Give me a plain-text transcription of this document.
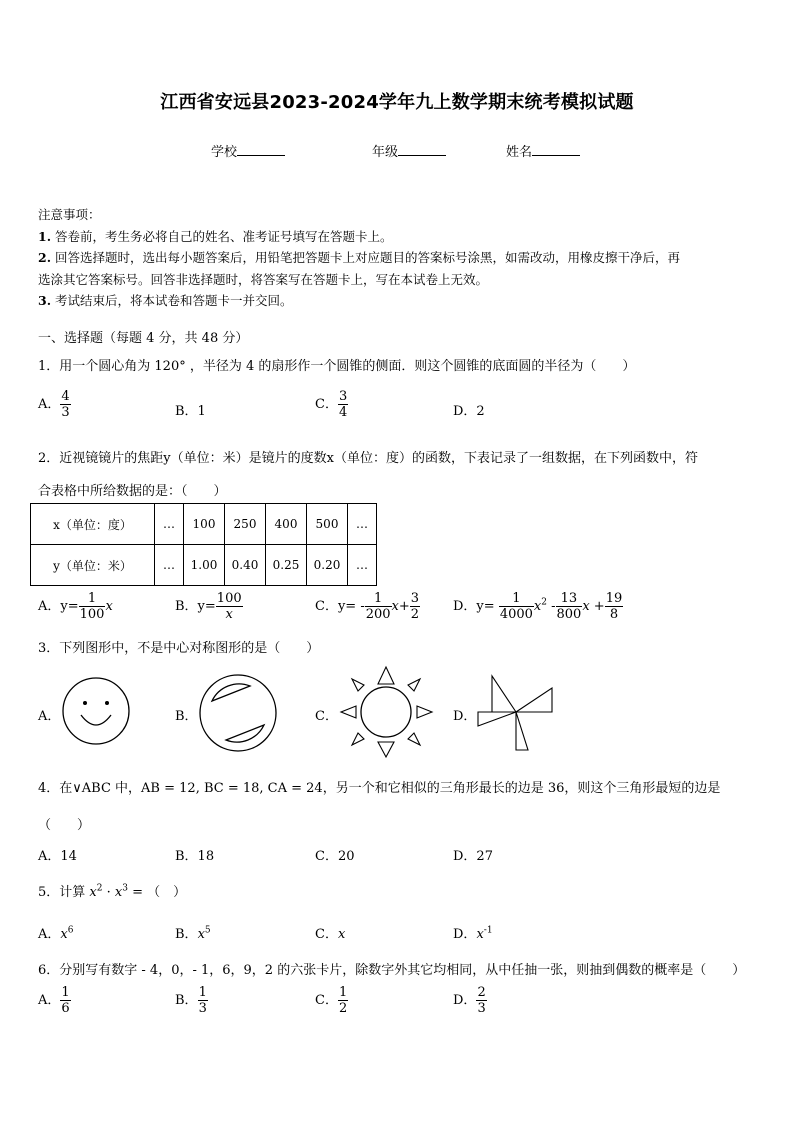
江西省安远县2023-2024学年九上数学期末统考模拟试题
学校	年级	姓名
注意事项：
1. 答卷前，考生务必将自己的姓名、准考证号填写在答题卡上。
2. 回答选择题时，选出每小题答案后，用铅笔把答题卡上对应题目的答案标号涂黑，如需改动，用橡皮擦干净后，再
选涂其它答案标号。回答非选择题时，将答案写在答题卡上，写在本试卷上无效。
3. 考试结束后，将本试卷和答题卡一并交回。
一、选择题（每题 4 分，共 48 分）
1．用一个圆心角为 120° ，半径为 4 的扇形作一个圆锥的侧面．则这个圆锥的底面圆的半径为（　　）
A． $\frac{4}{3}$	B．1	C． $\frac{3}{4}$	D．2
2．近视镜镜片的焦距y（单位：米）是镜片的度数x（单位：度）的函数，下表记录了一组数据，在下列函数中，符
合表格中所给数据的是：（　　）
x（单位：度）	…	100	250	400	500	…
y（单位：米）	…	1.00	0.40	0.25	0.20	…
A．$y= \frac{1}{100}$ x	B．$y= \frac{100}{x}$	C．$y= - \frac{1}{200} x+ \frac{3}{2}$	D．$y= \frac{1}{4000} x^2 - \frac{13}{800}$ $x + \frac{19}{8}$
3．下列图形中，不是中心对称图形的是（　　）
A．	B．	C．	D．
4．在∨ABC 中，AB = 12, BC = 18, CA = 24，另一个和它相似的三角形最长的边是 36，则这个三角形最短的边是
（　　）
A．14	B．18	C．20	D．27
5．计算 $x^2 \cdot x^3$ = （　）
A．$x^6$	B．$x^5$	C．x	D．$x^{-1}$
6．分别写有数字 - 4，0，- 1，6，9，2 的六张卡片，除数字外其它均相同，从中任抽一张，则抽到偶数的概率是（　　）
A． $\frac{1}{6}$	B． $\frac{1}{3}$	C． $\frac{1}{2}$	D． $\frac{2}{3}$
